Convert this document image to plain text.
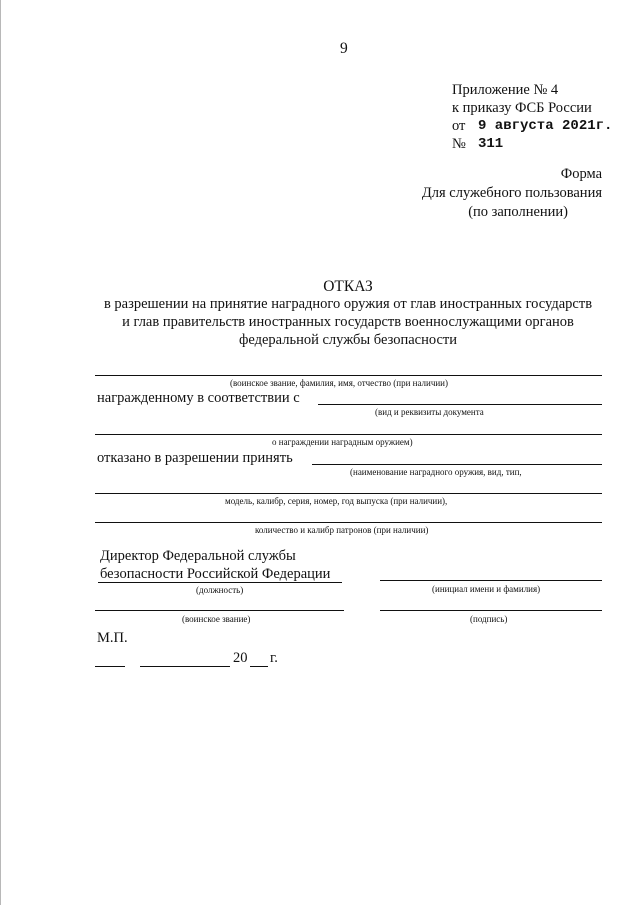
9
Приложение № 4
к приказу ФСБ России
от 9 августа 2021г.
№ 311
Форма
Для служебного пользования
(по заполнении)
ОТКАЗ
в разрешении на принятие наградного оружия от глав иностранных государств
и глав правительств иностранных государств военнослужащими органов
федеральной службы безопасности
(воинское звание, фамилия, имя, отчество (при наличии)
награжденному в соответствии с
(вид и реквизиты документа
о награждении наградным оружием)
отказано в разрешении принять
(наименование наградного оружия, вид, тип,
модель, калибр, серия, номер, год выпуска (при наличии),
количество и калибр патронов (при наличии)
Директор Федеральной службы
безопасности Российской Федерации
(должность)	(инициал имени и фамилия)
(воинское звание)	(подпись)
М.П.
20 г.
